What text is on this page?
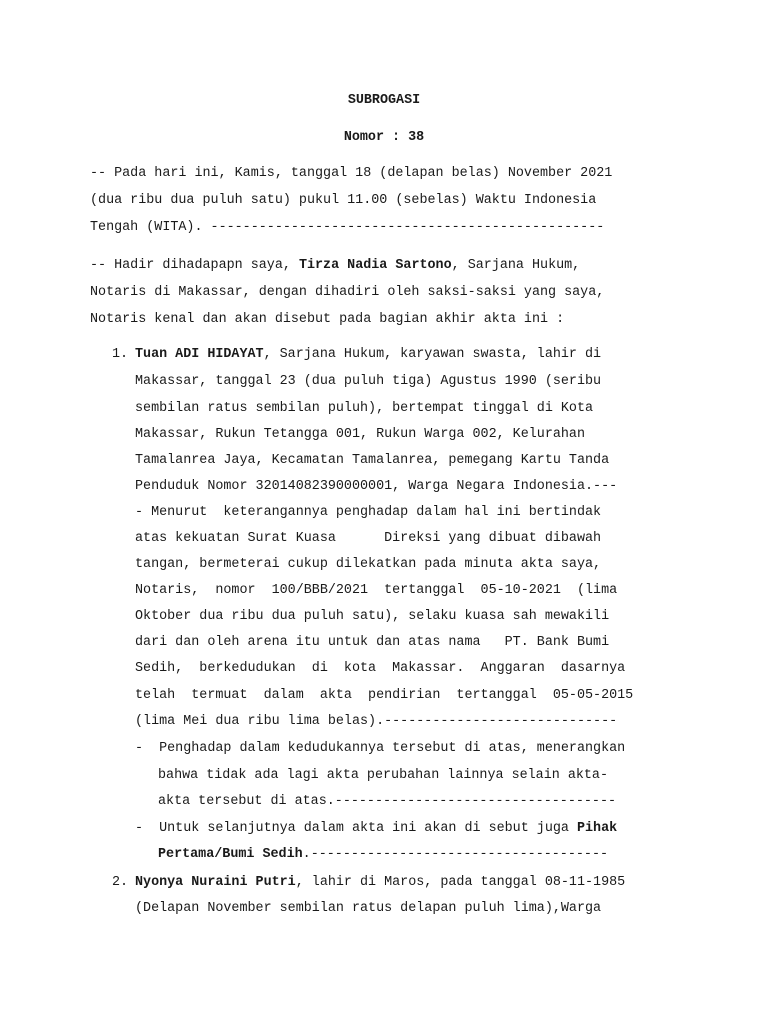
SUBROGASI
Nomor : 38
-- Pada hari ini, Kamis, tanggal 18 (delapan belas) November 2021
(dua ribu dua puluh satu) pukul 11.00 (sebelas) Waktu Indonesia
Tengah (WITA). -------------------------------------------------
-- Hadir dihadapapn saya, Tirza Nadia Sartono, Sarjana Hukum,
Notaris di Makassar, dengan dihadiri oleh saksi-saksi yang saya,
Notaris kenal dan akan disebut pada bagian akhir akta ini :
1. Tuan ADI HIDAYAT, Sarjana Hukum, karyawan swasta, lahir di
Makassar, tanggal 23 (dua puluh tiga) Agustus 1990 (seribu
sembilan ratus sembilan puluh), bertempat tinggal di Kota
Makassar, Rukun Tetangga 001, Rukun Warga 002, Kelurahan
Tamalanrea Jaya, Kecamatan Tamalanrea, pemegang Kartu Tanda
Penduduk Nomor 32014082390000001, Warga Negara Indonesia.---
- Menurut  keterangannya penghadap dalam hal ini bertindak
atas kekuatan Surat Kuasa      Direksi yang dibuat dibawah
tangan, bermeterai cukup dilekatkan pada minuta akta saya,
Notaris,  nomor  100/BBB/2021  tertanggal  05-10-2021  (lima
Oktober dua ribu dua puluh satu), selaku kuasa sah mewakili
dari dan oleh arena itu untuk dan atas nama   PT. Bank Bumi
Sedih,  berkedudukan  di  kota  Makassar.  Anggaran  dasarnya
telah  termuat  dalam  akta  pendirian  tertanggal  05-05-2015
(lima Mei dua ribu lima belas).-----------------------------
-  Penghadap dalam kedudukannya tersebut di atas, menerangkan
bahwa tidak ada lagi akta perubahan lainnya selain akta-
akta tersebut di atas.-----------------------------------
-  Untuk selanjutnya dalam akta ini akan di sebut juga Pihak
Pertama/Bumi Sedih.-------------------------------------
2. Nyonya Nuraini Putri, lahir di Maros, pada tanggal 08-11-1985
(Delapan November sembilan ratus delapan puluh lima),Warga
